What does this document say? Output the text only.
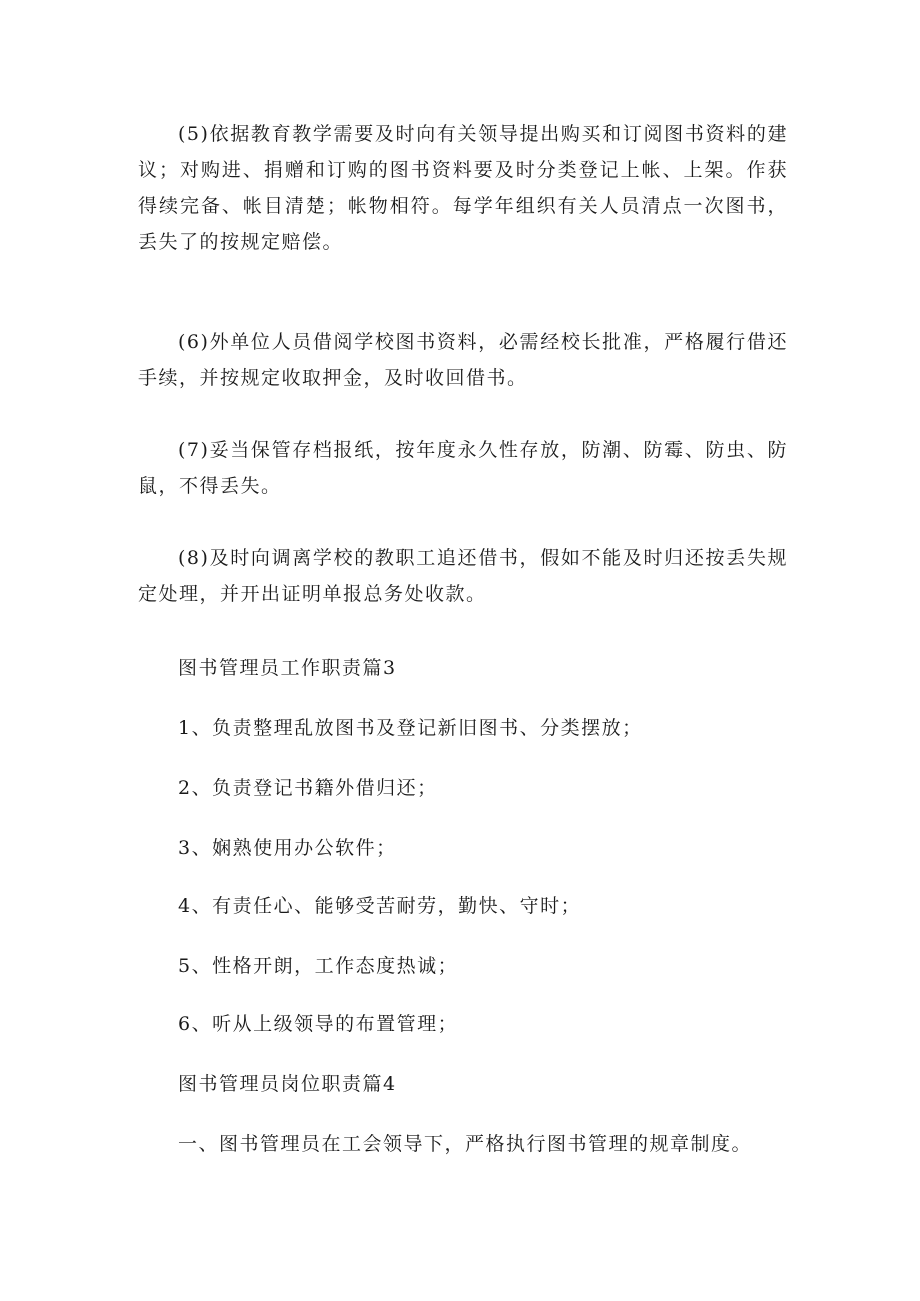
(5)依据教育教学需要及时向有关领导提出购买和订阅图书资料的建议；对购进、捐赠和订购的图书资料要及时分类登记上帐、上架。作获得续完备、帐目清楚；帐物相符。每学年组织有关人员清点一次图书，丢失了的按规定赔偿。

(6)外单位人员借阅学校图书资料，必需经校长批准，严格履行借还手续，并按规定收取押金，及时收回借书。

(7)妥当保管存档报纸，按年度永久性存放，防潮、防霉、防虫、防鼠，不得丢失。

(8)及时向调离学校的教职工追还借书，假如不能及时归还按丢失规定处理，并开出证明单报总务处收款。

图书管理员工作职责篇3

1、负责整理乱放图书及登记新旧图书、分类摆放；

2、负责登记书籍外借归还；

3、娴熟使用办公软件；

4、有责任心、能够受苦耐劳，勤快、守时；

5、性格开朗，工作态度热诚；

6、听从上级领导的布置管理；

图书管理员岗位职责篇4

一、图书管理员在工会领导下，严格执行图书管理的规章制度。
